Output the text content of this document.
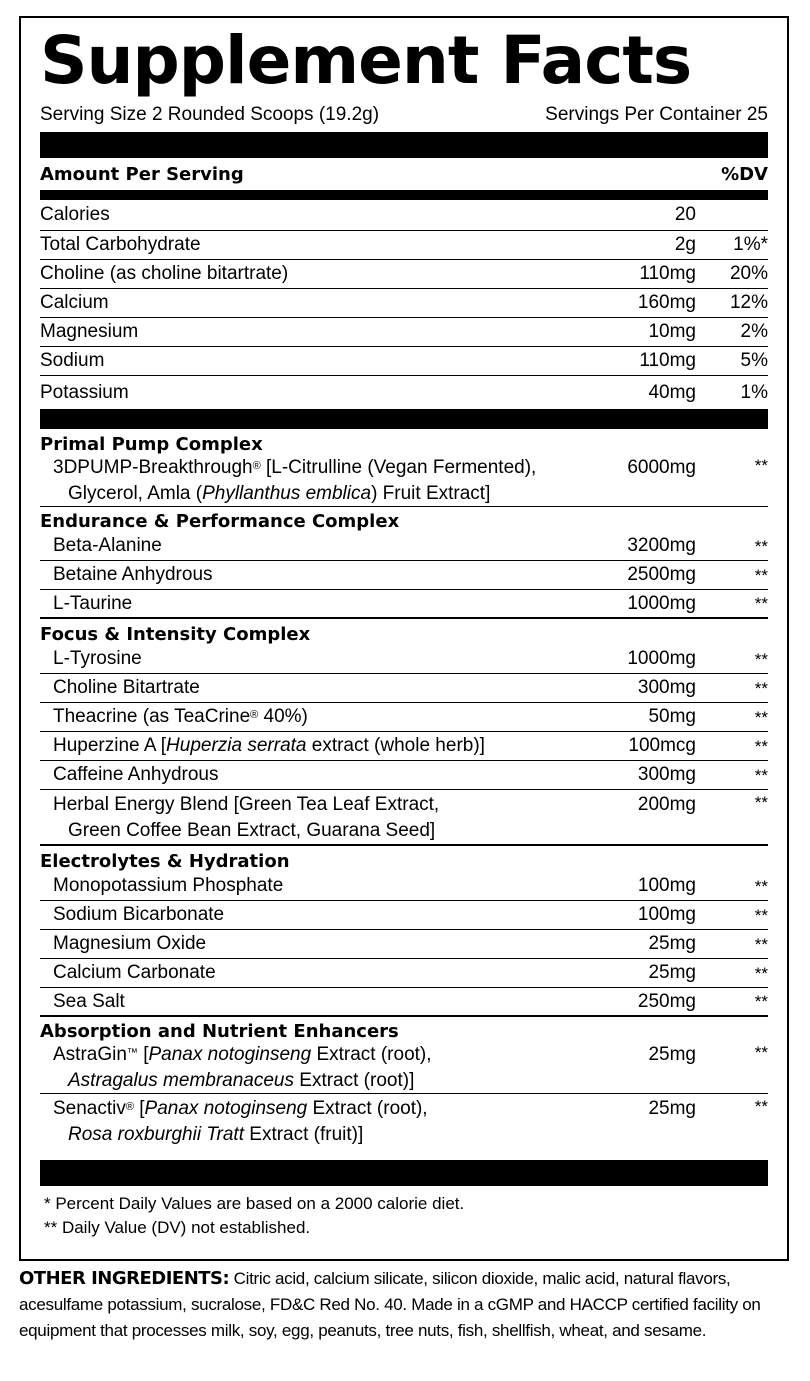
Supplement Facts
Serving Size 2 Rounded Scoops (19.2g)	Servings Per Container 25
Amount Per Serving	%DV
Calories	20
Total Carbohydrate	2g	1%*
Choline (as choline bitartrate)	110mg	20%
Calcium	160mg	12%
Magnesium	10mg	2%
Sodium	110mg	5%
Potassium	40mg	1%
Primal Pump Complex
3DPUMP-Breakthrough® [L-Citrulline (Vegan Fermented),
Glycerol, Amla (Phyllanthus emblica) Fruit Extract]
6000mg	**
Endurance & Performance Complex
Beta-Alanine	3200mg	**
Betaine Anhydrous	2500mg	**
L-Taurine	1000mg	**
Focus & Intensity Complex
L-Tyrosine	1000mg	**
Choline Bitartrate	300mg	**
Theacrine (as TeaCrine® 40%)	50mg	**
Huperzine A [Huperzia serrata extract (whole herb)]	100mcg	**
Caffeine Anhydrous	300mg	**
Herbal Energy Blend [Green Tea Leaf Extract,
Green Coffee Bean Extract, Guarana Seed]
200mg	**
Electrolytes & Hydration
Monopotassium Phosphate	100mg	**
Sodium Bicarbonate	100mg	**
Magnesium Oxide	25mg	**
Calcium Carbonate	25mg	**
Sea Salt	250mg	**
Absorption and Nutrient Enhancers
AstraGin™ [Panax notoginseng Extract (root),
Astragalus membranaceus Extract (root)]
25mg	**
Senactiv® [Panax notoginseng Extract (root),
Rosa roxburghii Tratt Extract (fruit)]
25mg	**
* Percent Daily Values are based on a 2000 calorie diet.
** Daily Value (DV) not established.
OTHER INGREDIENTS: Citric acid, calcium silicate, silicon dioxide, malic acid, natural flavors, acesulfame potassium, sucralose, FD&C Red No. 40. Made in a cGMP and HACCP certified facility on equipment that processes milk, soy, egg, peanuts, tree nuts, fish, shellfish, wheat, and sesame.
